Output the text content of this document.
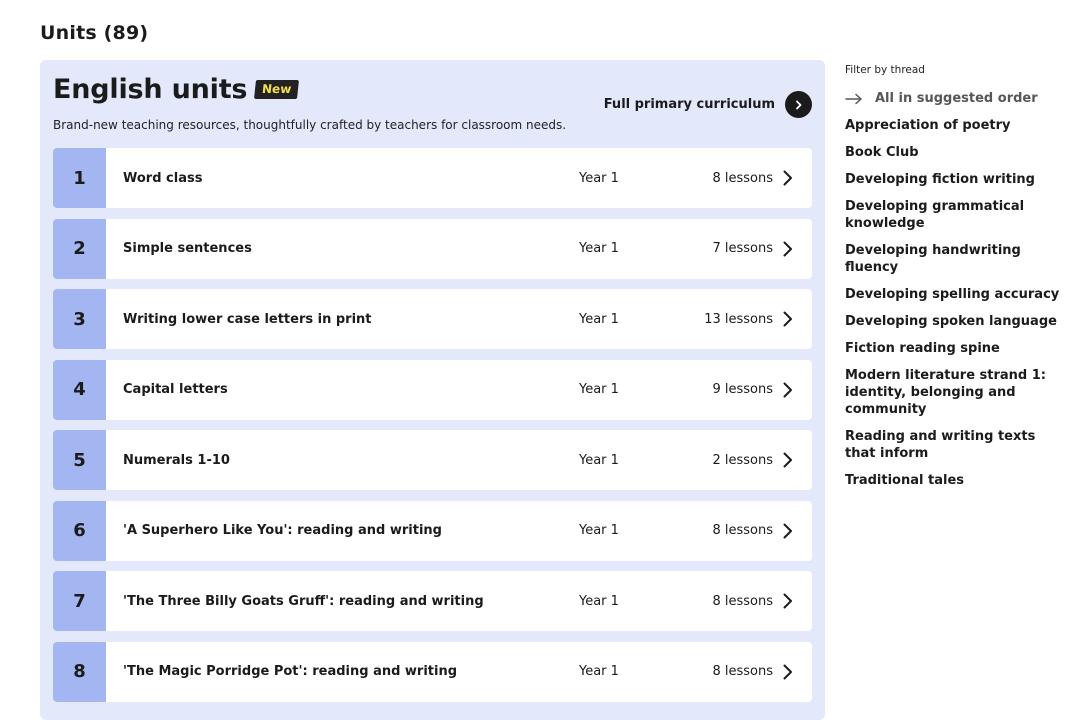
Units (89)
English units	New
Brand-new teaching resources, thoughtfully crafted by teachers for classroom needs.
Full primary curriculum
1	Word class	Year 1	8 lessons
2	Simple sentences	Year 1	7 lessons
3	Writing lower case letters in print	Year 1	13 lessons
4	Capital letters	Year 1	9 lessons
5	Numerals 1-10	Year 1	2 lessons
6	'A Superhero Like You': reading and writing	Year 1	8 lessons
7	'The Three Billy Goats Gruff': reading and writing	Year 1	8 lessons
8	'The Magic Porridge Pot': reading and writing	Year 1	8 lessons
Filter by thread
All in suggested order
Appreciation of poetry
Book Club
Developing fiction writing
Developing grammatical knowledge
Developing handwriting fluency
Developing spelling accuracy
Developing spoken language
Fiction reading spine
Modern literature strand 1: identity, belonging and community
Reading and writing texts that inform
Traditional tales
